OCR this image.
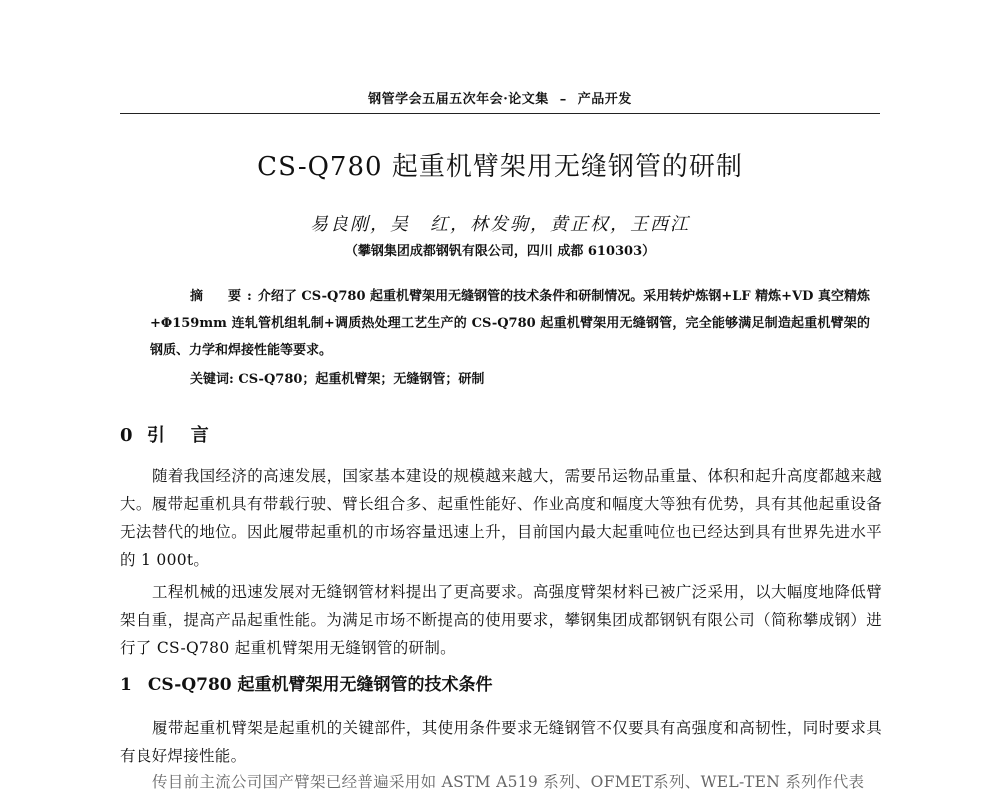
钢管学会五届五次年会·论文集 – 产品开发
CS-Q780 起重机臂架用无缝钢管的研制
易良刚，吴　红，林发驹，黄正权，王西江
（攀钢集团成都钢钒有限公司，四川 成都 610303）
摘　要:介绍了 CS-Q780 起重机臂架用无缝钢管的技术条件和研制情况。采用转炉炼钢+LF 精炼+VD 真空精炼+Φ159mm 连轧管机组轧制+调质热处理工艺生产的 CS-Q780 起重机臂架用无缝钢管，完全能够满足制造起重机臂架的钢质、力学和焊接性能等要求。
关键词: CS-Q780；起重机臂架；无缝钢管；研制
0 引　言

随着我国经济的高速发展，国家基本建设的规模越来越大，需要吊运物品重量、体积和起升高度都越来越大。履带起重机具有带载行驶、臂长组合多、起重性能好、作业高度和幅度大等独有优势，具有其他起重设备无法替代的地位。因此履带起重机的市场容量迅速上升，目前国内最大起重吨位也已经达到具有世界先进水平的 1 000t。

工程机械的迅速发展对无缝钢管材料提出了更高要求。高强度臂架材料已被广泛采用，以大幅度地降低臂架自重，提高产品起重性能。为满足市场不断提高的使用要求，攀钢集团成都钢钒有限公司（简称攀成钢）进行了 CS-Q780 起重机臂架用无缝钢管的研制。

1 CS-Q780 起重机臂架用无缝钢管的技术条件

履带起重机臂架是起重机的关键部件，其使用条件要求无缝钢管不仅要具有高强度和高韧性，同时要求具有良好焊接性能。

传目前主流公司国产臂架已经普遍采用如 ASTM A519 系列、OFMET系列、WEL-TEN 系列作代表
